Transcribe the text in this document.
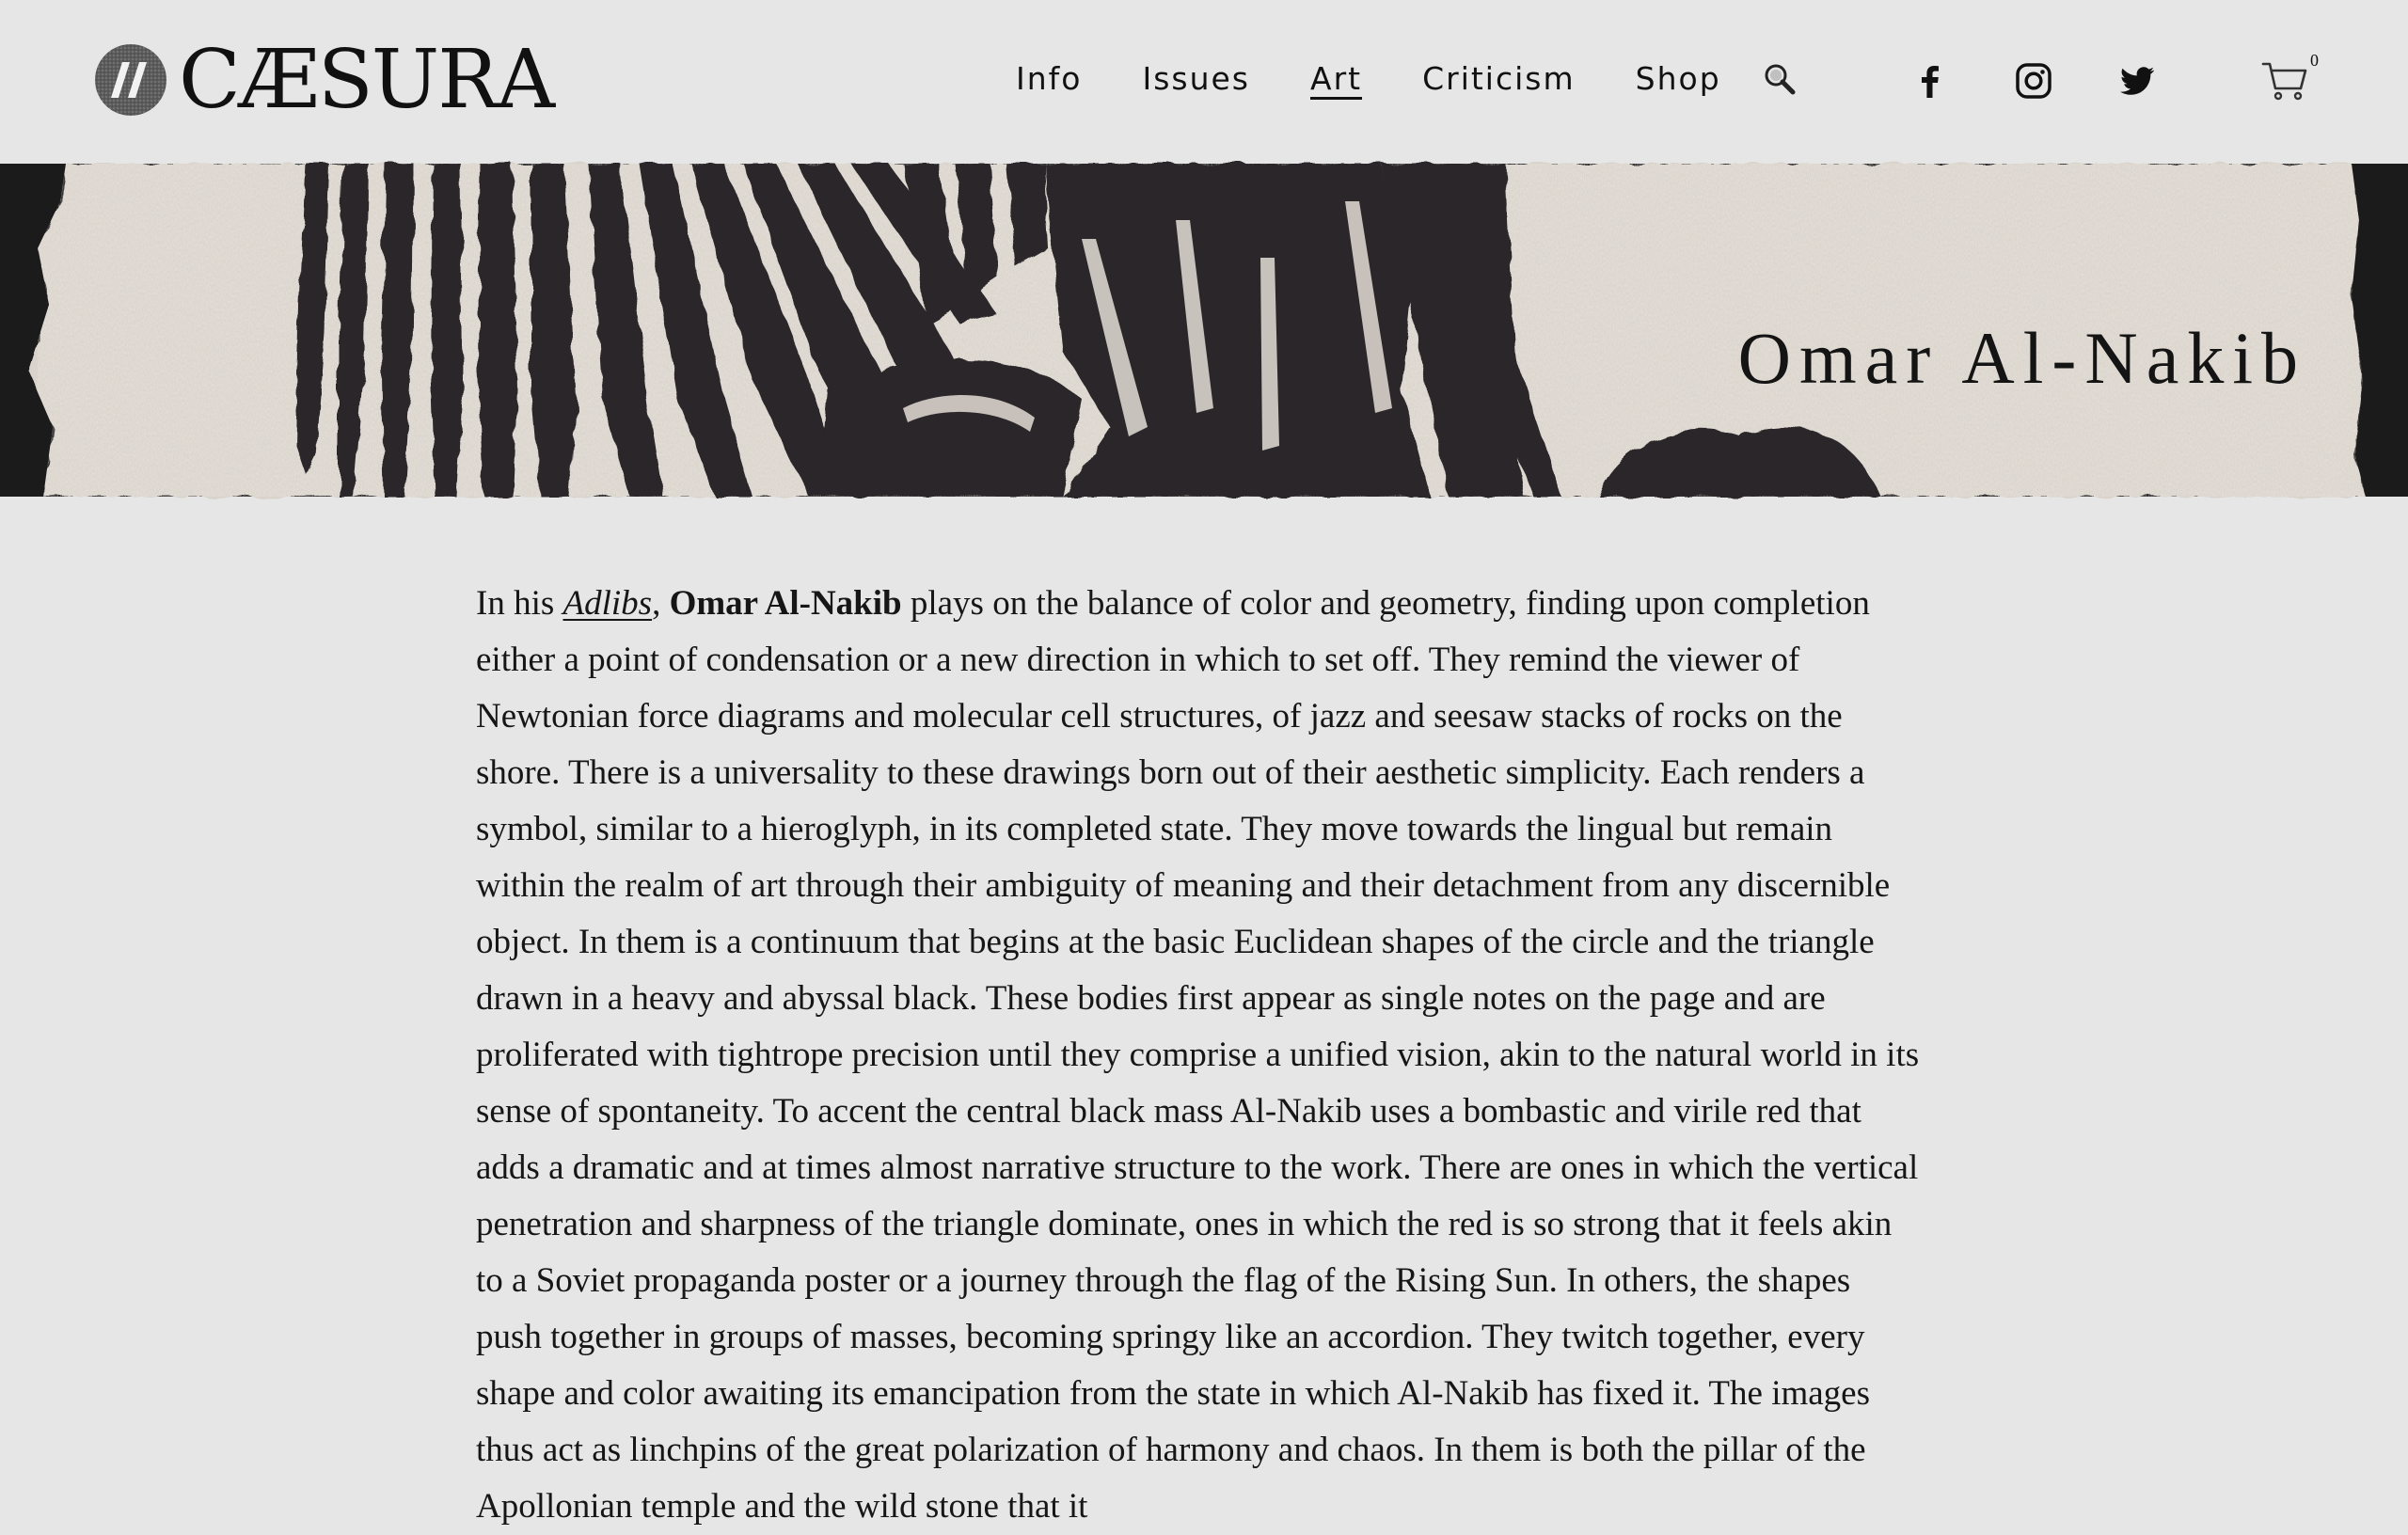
CÆSURA	Info Issues Art Criticism Shop	0
Omar Al-Nakib

In his Adlibs, Omar Al-Nakib plays on the balance of color and geometry, finding upon completion either a point of condensation or a new direction in which to set off. They remind the viewer of Newtonian force diagrams and molecular cell structures, of jazz and seesaw stacks of rocks on the shore. There is a universality to these drawings born out of their aesthetic simplicity. Each renders a symbol, similar to a hieroglyph, in its completed state. They move towards the lingual but remain within the realm of art through their ambiguity of meaning and their detachment from any discernible object. In them is a continuum that begins at the basic Euclidean shapes of the circle and the triangle drawn in a heavy and abyssal black. These bodies first appear as single notes on the page and are proliferated with tightrope precision until they comprise a unified vision, akin to the natural world in its sense of spontaneity. To accent the central black mass Al-Nakib uses a bombastic and virile red that adds a dramatic and at times almost narrative structure to the work. There are ones in which the vertical penetration and sharpness of the triangle dominate, ones in which the red is so strong that it feels akin to a Soviet propaganda poster or a journey through the flag of the Rising Sun. In others, the shapes push together in groups of masses, becoming springy like an accordion. They twitch together, every shape and color awaiting its emancipation from the state in which Al-Nakib has fixed it. The images thus act as linchpins of the great polarization of harmony and chaos. In them is both the pillar of the Apollonian temple and the wild stone that it
